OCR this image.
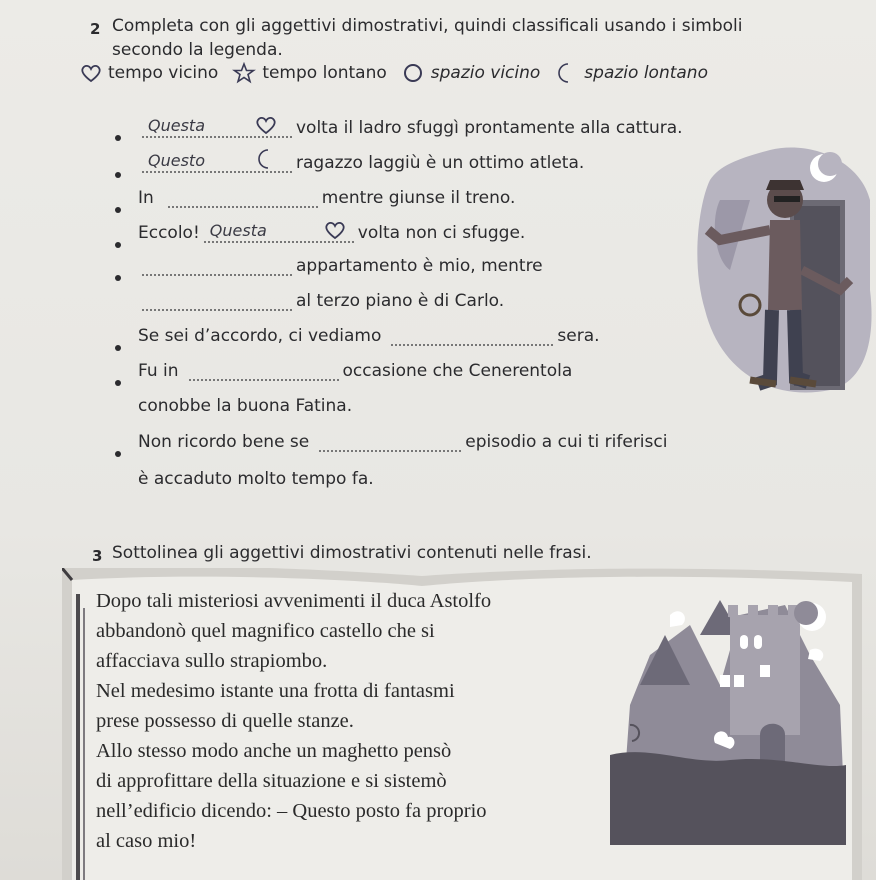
2 Completa con gli aggettivi dimostrativi, quindi classificali usando i simboli
secondo la legenda.
tempo vicino	tempo lontano	spazio vicino	spazio lontano
Questa	volta il ladro sfuggì prontamente alla cattura.
Questo	ragazzo laggiù è un ottimo atleta.
In	mentre giunse il treno.
Eccolo! Questa	volta non ci sfugge.
appartamento è mio, mentre
al terzo piano è di Carlo.
Se sei d’accordo, ci vediamo	sera.
Fu in	occasione che Cenerentola
conobbe la buona Fatina.
Non ricordo bene se	episodio a cui ti riferisci
è accaduto molto tempo fa.
3 Sottolinea gli aggettivi dimostrativi contenuti nelle frasi.
Dopo tali misteriosi avvenimenti il duca Astolfo
abbandonò quel magnifico castello che si
affacciava sullo strapiombo.
Nel medesimo istante una frotta di fantasmi
prese possesso di quelle stanze.
Allo stesso modo anche un maghetto pensò
di approfittare della situazione e si sistemò
nell’edificio dicendo: – Questo posto fa proprio
al caso mio!
